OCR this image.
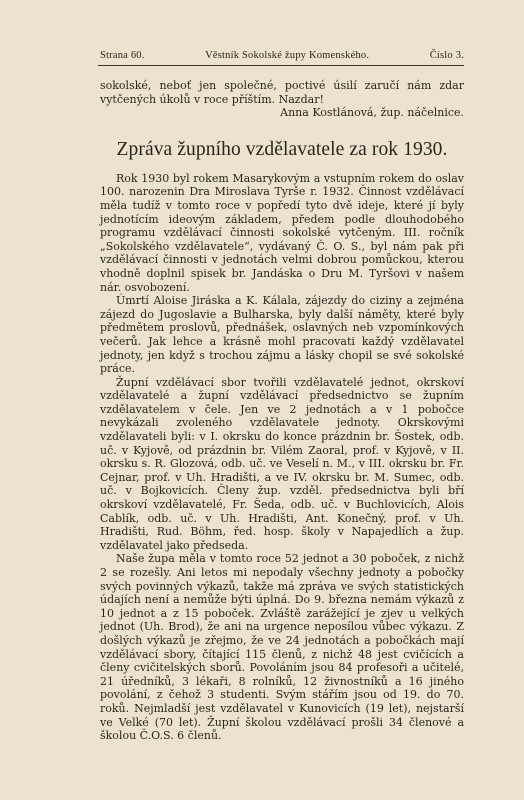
Strana 60.	Věstník Sokolské župy Komenského.	Číslo 3.

sokolské, neboť jen společné, poctivé úsilí zaručí nám zdar vytčených úkolů v roce příštím. Nazdar!

Anna Kostlánová, žup. náčelnice.

Zpráva župního vzdělavatele za rok 1930.

Rok 1930 byl rokem Masarykovým a vstupním rokem do oslav 100. narozenin Dra Miroslava Tyrše r. 1932. Činnost vzdělávací měla tudíž v tomto roce v popředí tyto dvě ideje, které jí byly jednotícím ideovým základem, předem podle dlouhodobého programu vzdělávací činnosti sokolské vytčeným. III. ročník „Sokolského vzdělavatele“, vydávaný Č. O. S., byl nám pak při vzdělávací činnosti v jednotách velmi dobrou pomůckou, kterou vhodně doplnil spisek br. Jandáska o Dru M. Tyršovi v našem nár. osvobození.

Úmrtí Aloise Jiráska a K. Kálala, zájezdy do ciziny a zejména zájezd do Jugoslavie a Bulharska, byly další náměty, které byly předmětem proslovů, přednášek, oslavných neb vzpomínkových večerů. Jak lehce a krásně mohl pracovati každý vzdělavatel jednoty, jen když s trochou zájmu a lásky chopil se své sokolské práce.

Župní vzdělávací sbor tvořili vzdělavatelé jednot, okrskoví vzdělavatelé a župní vzdělávací předsednictvo se župním vzdělavatelem v čele. Jen ve 2 jednotách a v 1 pobočce nevykázali zvoleného vzdělavatele jednoty. Okrskovými vzdělavateli byli: v I. okrsku do konce prázdnin br. Šostek, odb. uč. v Kyjově, od prázdnin br. Vilém Zaoral, prof. v Kyjově, v II. okrsku s. R. Glozová, odb. uč. ve Veselí n. M., v III. okrsku br. Fr. Cejnar, prof. v Uh. Hradišti, a ve IV. okrsku br. M. Sumec, odb. uč. v Bojkovicích. Členy žup. vzděl. předsednictva byli bří okrskoví vzdělavatelé, Fr. Šeda, odb. uč. v Buchlovicích, Alois Cablík, odb. uč. v Uh. Hradišti, Ant. Konečný, prof. v Uh. Hradišti, Rud. Böhm, řed. hosp. školy v Napajedlích a žup. vzdělavatel jako předseda.

Naše župa měla v tomto roce 52 jednot a 30 poboček, z nichž 2 se rozešly. Ani letos mi nepodaly všechny jednoty a pobočky svých povinných výkazů, takže má zpráva ve svých statistických údajích není a nemůže býti úplná. Do 9. března nemám výkazů z 10 jednot a z 15 poboček. Zvláště zarážející je zjev u velkých jednot (Uh. Brod), že ani na urgence neposílou vůbec výkazu. Z došlých výkazů je zřejmo, že ve 24 jednotách a pobočkách mají vzdělávací sbory, čítající 115 členů, z nichž 48 jest cvičících a členy cvičitelských sborů. Povoláním jsou 84 profesoři a učitelé, 21 úředníků, 3 lékaři, 8 rolníků, 12 živnostníků a 16 jiného povolání, z čehož 3 studenti. Svým stářím jsou od 19. do 70. roků. Nejmladší jest vzdělavatel v Kunovicích (19 let), nejstarší ve Velké (70 let). Župní školou vzdělávací prošli 34 členové a školou Č.O.S. 6 členů.
